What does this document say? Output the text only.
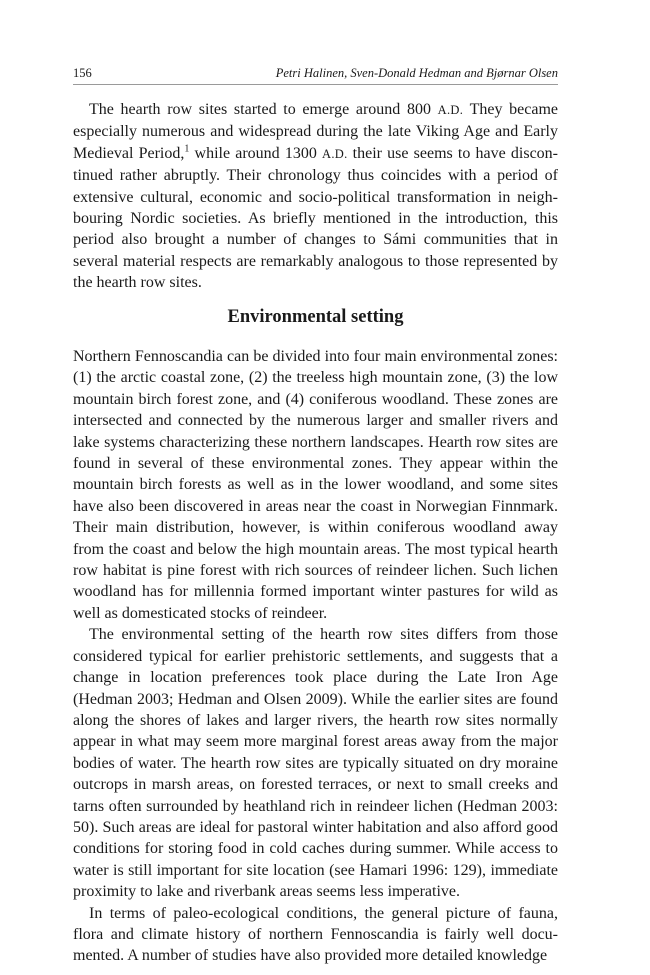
156	Petri Halinen, Sven-Donald Hedman and Bjørnar Olsen

The hearth row sites started to emerge around 800 A.D. They became especially numerous and widespread during the late Viking Age and Early Medieval Period,$^1$ while around 1300 A.D. their use seems to have discontinued rather abruptly. Their chronology thus coincides with a period of extensive cultural, economic and socio-political transformation in neighbouring Nordic societies. As briefly mentioned in the introduction, this period also brought a number of changes to Sámi communities that in several material respects are remarkably analogous to those represented by the hearth row sites.

Environmental setting

Northern Fennoscandia can be divided into four main environmental zones: (1) the arctic coastal zone, (2) the treeless high mountain zone, (3) the low mountain birch forest zone, and (4) coniferous woodland. These zones are intersected and connected by the numerous larger and smaller rivers and lake systems characterizing these northern landscapes. Hearth row sites are found in several of these environmental zones. They appear within the mountain birch forests as well as in the lower woodland, and some sites have also been discovered in areas near the coast in Norwegian Finnmark. Their main distribution, however, is within coniferous woodland away from the coast and below the high mountain areas. The most typical hearth row habitat is pine forest with rich sources of reindeer lichen. Such lichen woodland has for millennia formed important winter pastures for wild as well as domesticated stocks of reindeer.

The environmental setting of the hearth row sites differs from those considered typical for earlier prehistoric settlements, and suggests that a change in location preferences took place during the Late Iron Age (Hedman 2003; Hedman and Olsen 2009). While the earlier sites are found along the shores of lakes and larger rivers, the hearth row sites normally appear in what may seem more marginal forest areas away from the major bodies of water. The hearth row sites are typically situated on dry moraine outcrops in marsh areas, on forested terraces, or next to small creeks and tarns often surrounded by heathland rich in reindeer lichen (Hedman 2003: 50). Such areas are ideal for pastoral winter habitation and also afford good conditions for storing food in cold caches during summer. While access to water is still important for site location (see Hamari 1996: 129), immediate proximity to lake and riverbank areas seems less imperative.

In terms of paleo-ecological conditions, the general picture of fauna, flora and climate history of northern Fennoscandia is fairly well documented. A number of studies have also provided more detailed knowledge
